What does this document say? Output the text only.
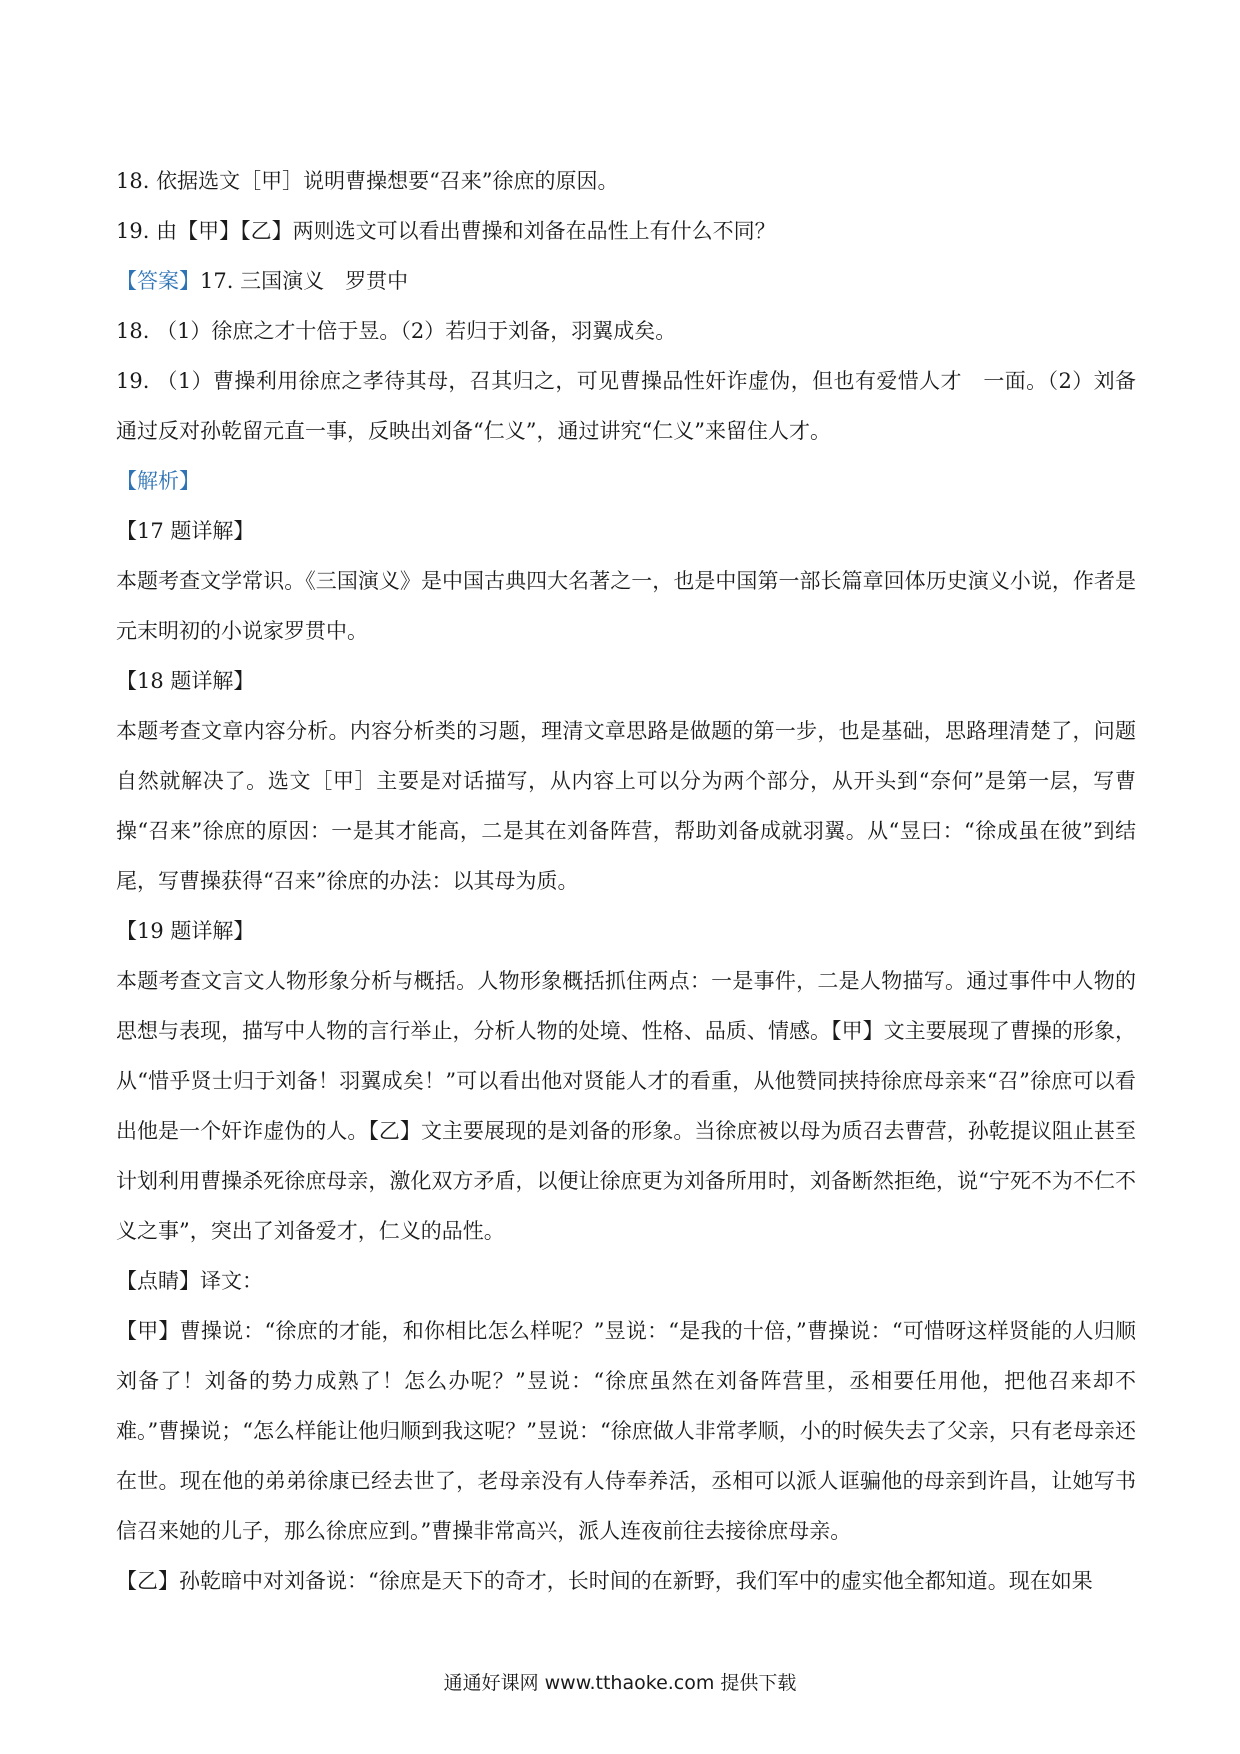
18. 依据选文［甲］说明曹操想要“召来”徐庶的原因。
19. 由【甲】【乙】两则选文可以看出曹操和刘备在品性上有什么不同？
【答案】17. 三国演义　罗贯中
18. （1）徐庶之才十倍于昱。（2）若归于刘备，羽翼成矣。

19. （1）曹操利用徐庶之孝待其母，召其归之，可见曹操品性奸诈虚伪，但也有爱惜人才　一面。（2）刘备通过反对孙乾留元直一事，反映出刘备“仁义”，通过讲究“仁义”来留住人才。

【解析】
【17 题详解】

本题考查文学常识。《三国演义》是中国古典四大名著之一，也是中国第一部长篇章回体历史演义小说，作者是元末明初的小说家罗贯中。

【18 题详解】

本题考查文章内容分析。内容分析类的习题，理清文章思路是做题的第一步，也是基础，思路理清楚了，问题自然就解决了。选文［甲］主要是对话描写，从内容上可以分为两个部分，从开头到“奈何”是第一层，写曹操“召来”徐庶的原因：一是其才能高，二是其在刘备阵营，帮助刘备成就羽翼。从“昱曰：“徐成虽在彼”到结尾，写曹操获得“召来”徐庶的办法：以其母为质。

【19 题详解】

本题考查文言文人物形象分析与概括。人物形象概括抓住两点：一是事件，二是人物描写。通过事件中人物的思想与表现，描写中人物的言行举止，分析人物的处境、性格、品质、情感。【甲】文主要展现了曹操的形象，从“惜乎贤士归于刘备！羽翼成矣！”可以看出他对贤能人才的看重，从他赞同挟持徐庶母亲来“召”徐庶可以看出他是一个奸诈虚伪的人。【乙】文主要展现的是刘备的形象。当徐庶被以母为质召去曹营，孙乾提议阻止甚至计划利用曹操杀死徐庶母亲，激化双方矛盾，以便让徐庶更为刘备所用时，刘备断然拒绝，说“宁死不为不仁不义之事”，突出了刘备爱才，仁义的品性。

【点睛】译文：

【甲】曹操说：“徐庶的才能，和你相比怎么样呢？”昱说：“是我的十倍，”曹操说：“可惜呀这样贤能的人归顺刘备了！刘备的势力成熟了！怎么办呢？”昱说：“徐庶虽然在刘备阵营里，丞相要任用他，把他召来却不难。”曹操说；“怎么样能让他归顺到我这呢？”昱说：“徐庶做人非常孝顺，小的时候失去了父亲，只有老母亲还在世。现在他的弟弟徐康已经去世了，老母亲没有人侍奉养活，丞相可以派人诓骗他的母亲到许昌，让她写书信召来她的儿子，那么徐庶应到。”曹操非常高兴，派人连夜前往去接徐庶母亲。

【乙】孙乾暗中对刘备说：“徐庶是天下的奇才，长时间的在新野，我们军中的虚实他全都知道。现在如果

通通好课网 www.tthaoke.com 提供下载
